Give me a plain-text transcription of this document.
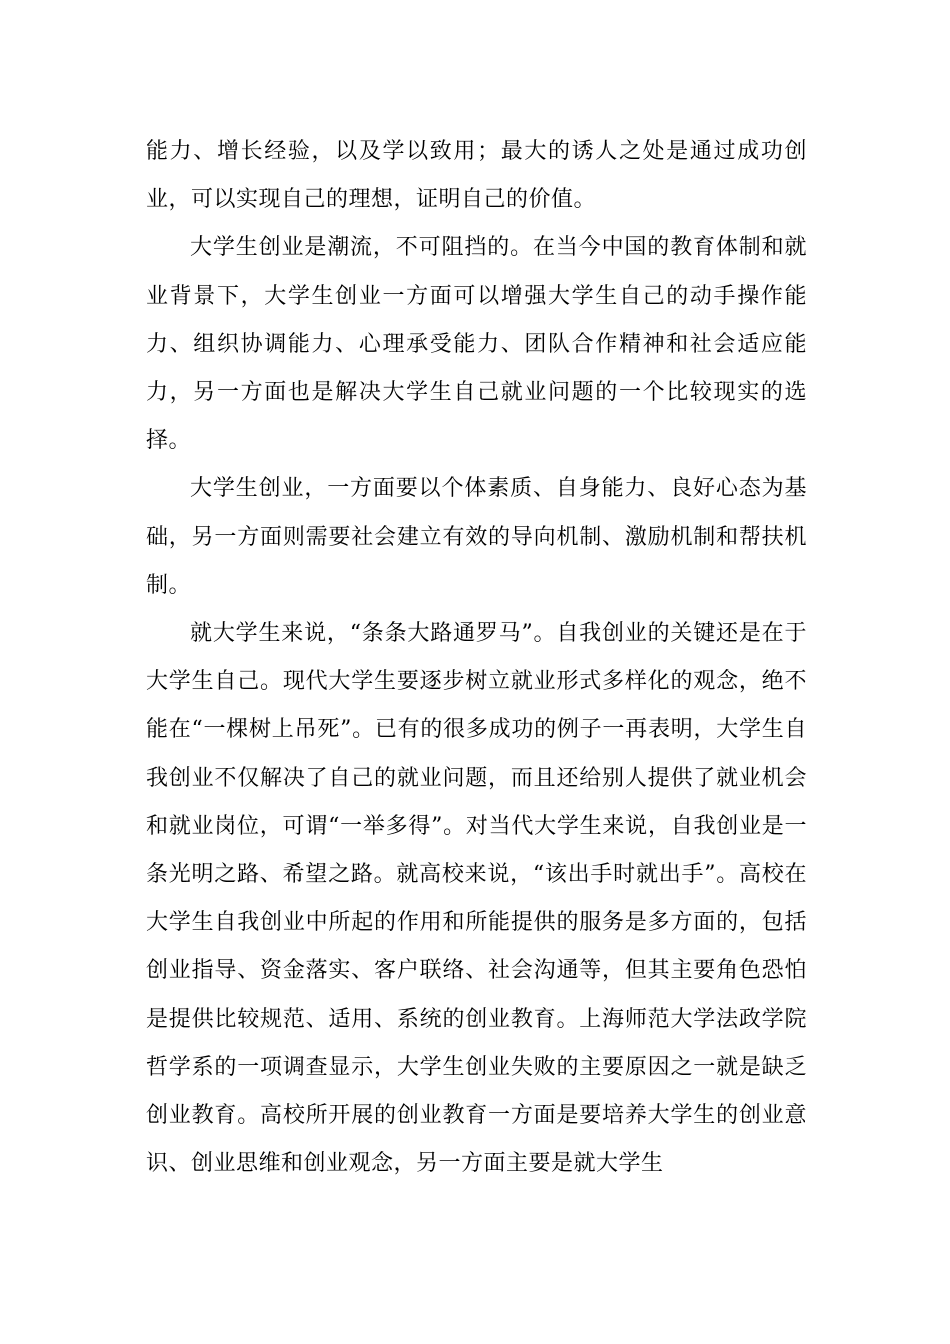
能力、增长经验，以及学以致用；最大的诱人之处是通过成功创业，可以实现自己的理想，证明自己的价值。

大学生创业是潮流，不可阻挡的。在当今中国的教育体制和就业背景下，大学生创业一方面可以增强大学生自己的动手操作能力、组织协调能力、心理承受能力、团队合作精神和社会适应能力，另一方面也是解决大学生自己就业问题的一个比较现实的选择。

大学生创业，一方面要以个体素质、自身能力、良好心态为基础，另一方面则需要社会建立有效的导向机制、激励机制和帮扶机制。

就大学生来说，“条条大路通罗马”。自我创业的关键还是在于大学生自己。现代大学生要逐步树立就业形式多样化的观念，绝不能在“一棵树上吊死”。已有的很多成功的例子一再表明，大学生自我创业不仅解决了自己的就业问题，而且还给别人提供了就业机会和就业岗位，可谓“一举多得”。对当代大学生来说，自我创业是一条光明之路、希望之路。就高校来说，“该出手时就出手”。高校在大学生自我创业中所起的作用和所能提供的服务是多方面的，包括创业指导、资金落实、客户联络、社会沟通等，但其主要角色恐怕是提供比较规范、适用、系统的创业教育。上海师范大学法政学院哲学系的一项调查显示，大学生创业失败的主要原因之一就是缺乏创业教育。高校所开展的创业教育一方面是要培养大学生的创业意识、创业思维和创业观念，另一方面主要是就大学生
